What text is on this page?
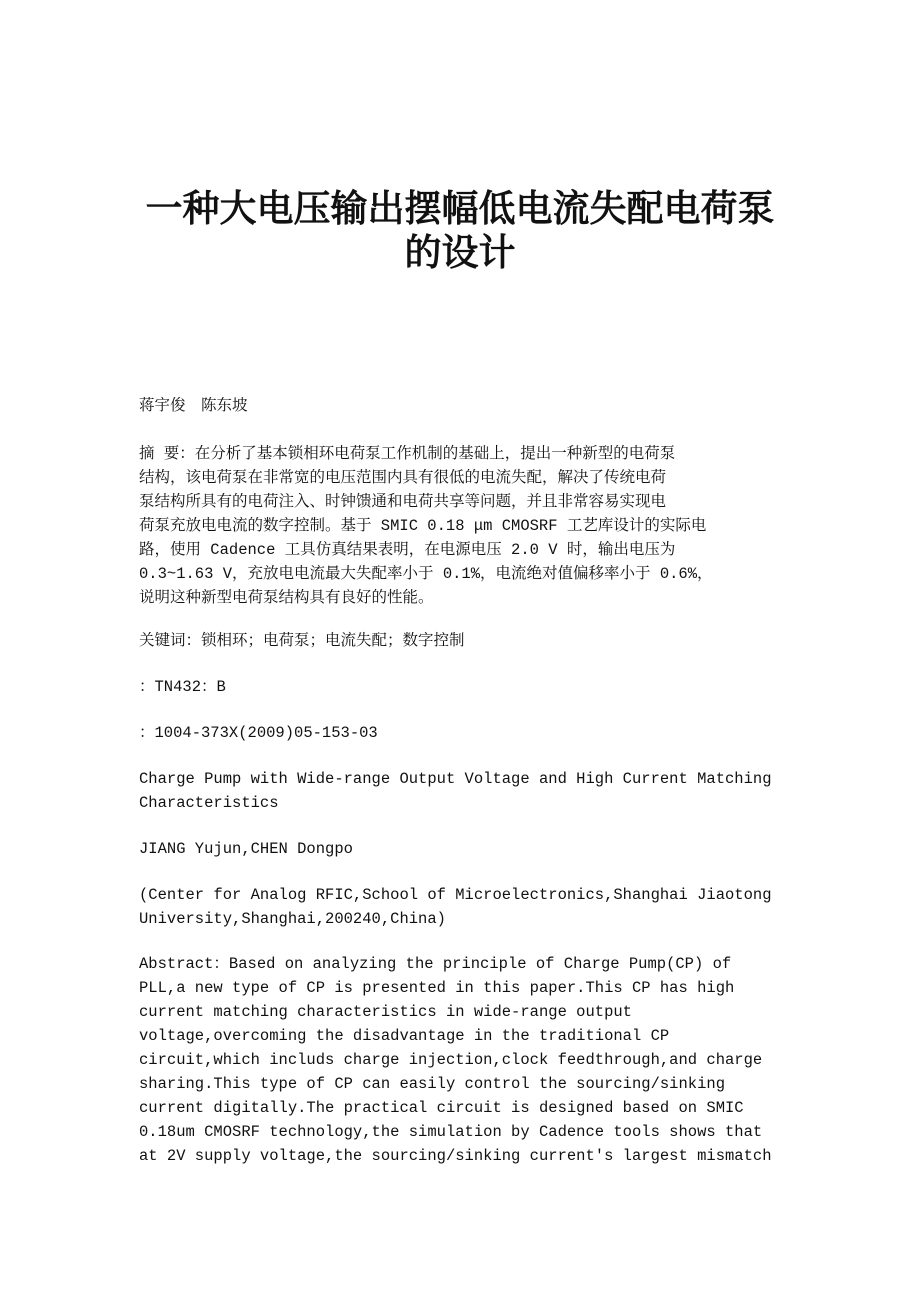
一种大电压输出摆幅低电流失配电荷泵
的设计
蒋宇俊　陈东坡
摘 要：在分析了基本锁相环电荷泵工作机制的基础上，提出一种新型的电荷泵
结构，该电荷泵在非常宽的电压范围内具有很低的电流失配，解决了传统电荷
泵结构所具有的电荷注入、时钟馈通和电荷共享等问题，并且非常容易实现电
荷泵充放电电流的数字控制。基于 SMIC 0.18 μm CMOSRF 工艺库设计的实际电
路，使用 Cadence 工具仿真结果表明，在电源电压 2.0 V 时，输出电压为
0.3~1.63 V，充放电电流最大失配率小于 0.1%，电流绝对值偏移率小于 0.6%，
说明这种新型电荷泵结构具有良好的性能。
关键词：锁相环；电荷泵；电流失配；数字控制
：TN432：B
：1004-373X(2009)05-153-03
Charge Pump with Wide-range Output Voltage and High Current Matching
Characteristics
JIANG Yujun,CHEN Dongpo
(Center for Analog RFIC,School of Microelectronics,Shanghai Jiaotong
University,Shanghai,200240,China)
Abstract：Based on analyzing the principle of Charge Pump(CP) of
PLL,a new type of CP is presented in this paper.This CP has high
current matching characteristics in wide-range output
voltage,overcoming the disadvantage in the traditional CP
circuit,which includs charge injection,clock feedthrough,and charge
sharing.This type of CP can easily control the sourcing/sinking
current digitally.The practical circuit is designed based on SMIC
0.18um CMOSRF technology,the simulation by Cadence tools shows that
at 2V supply voltage,the sourcing/sinking current′s largest mismatch
